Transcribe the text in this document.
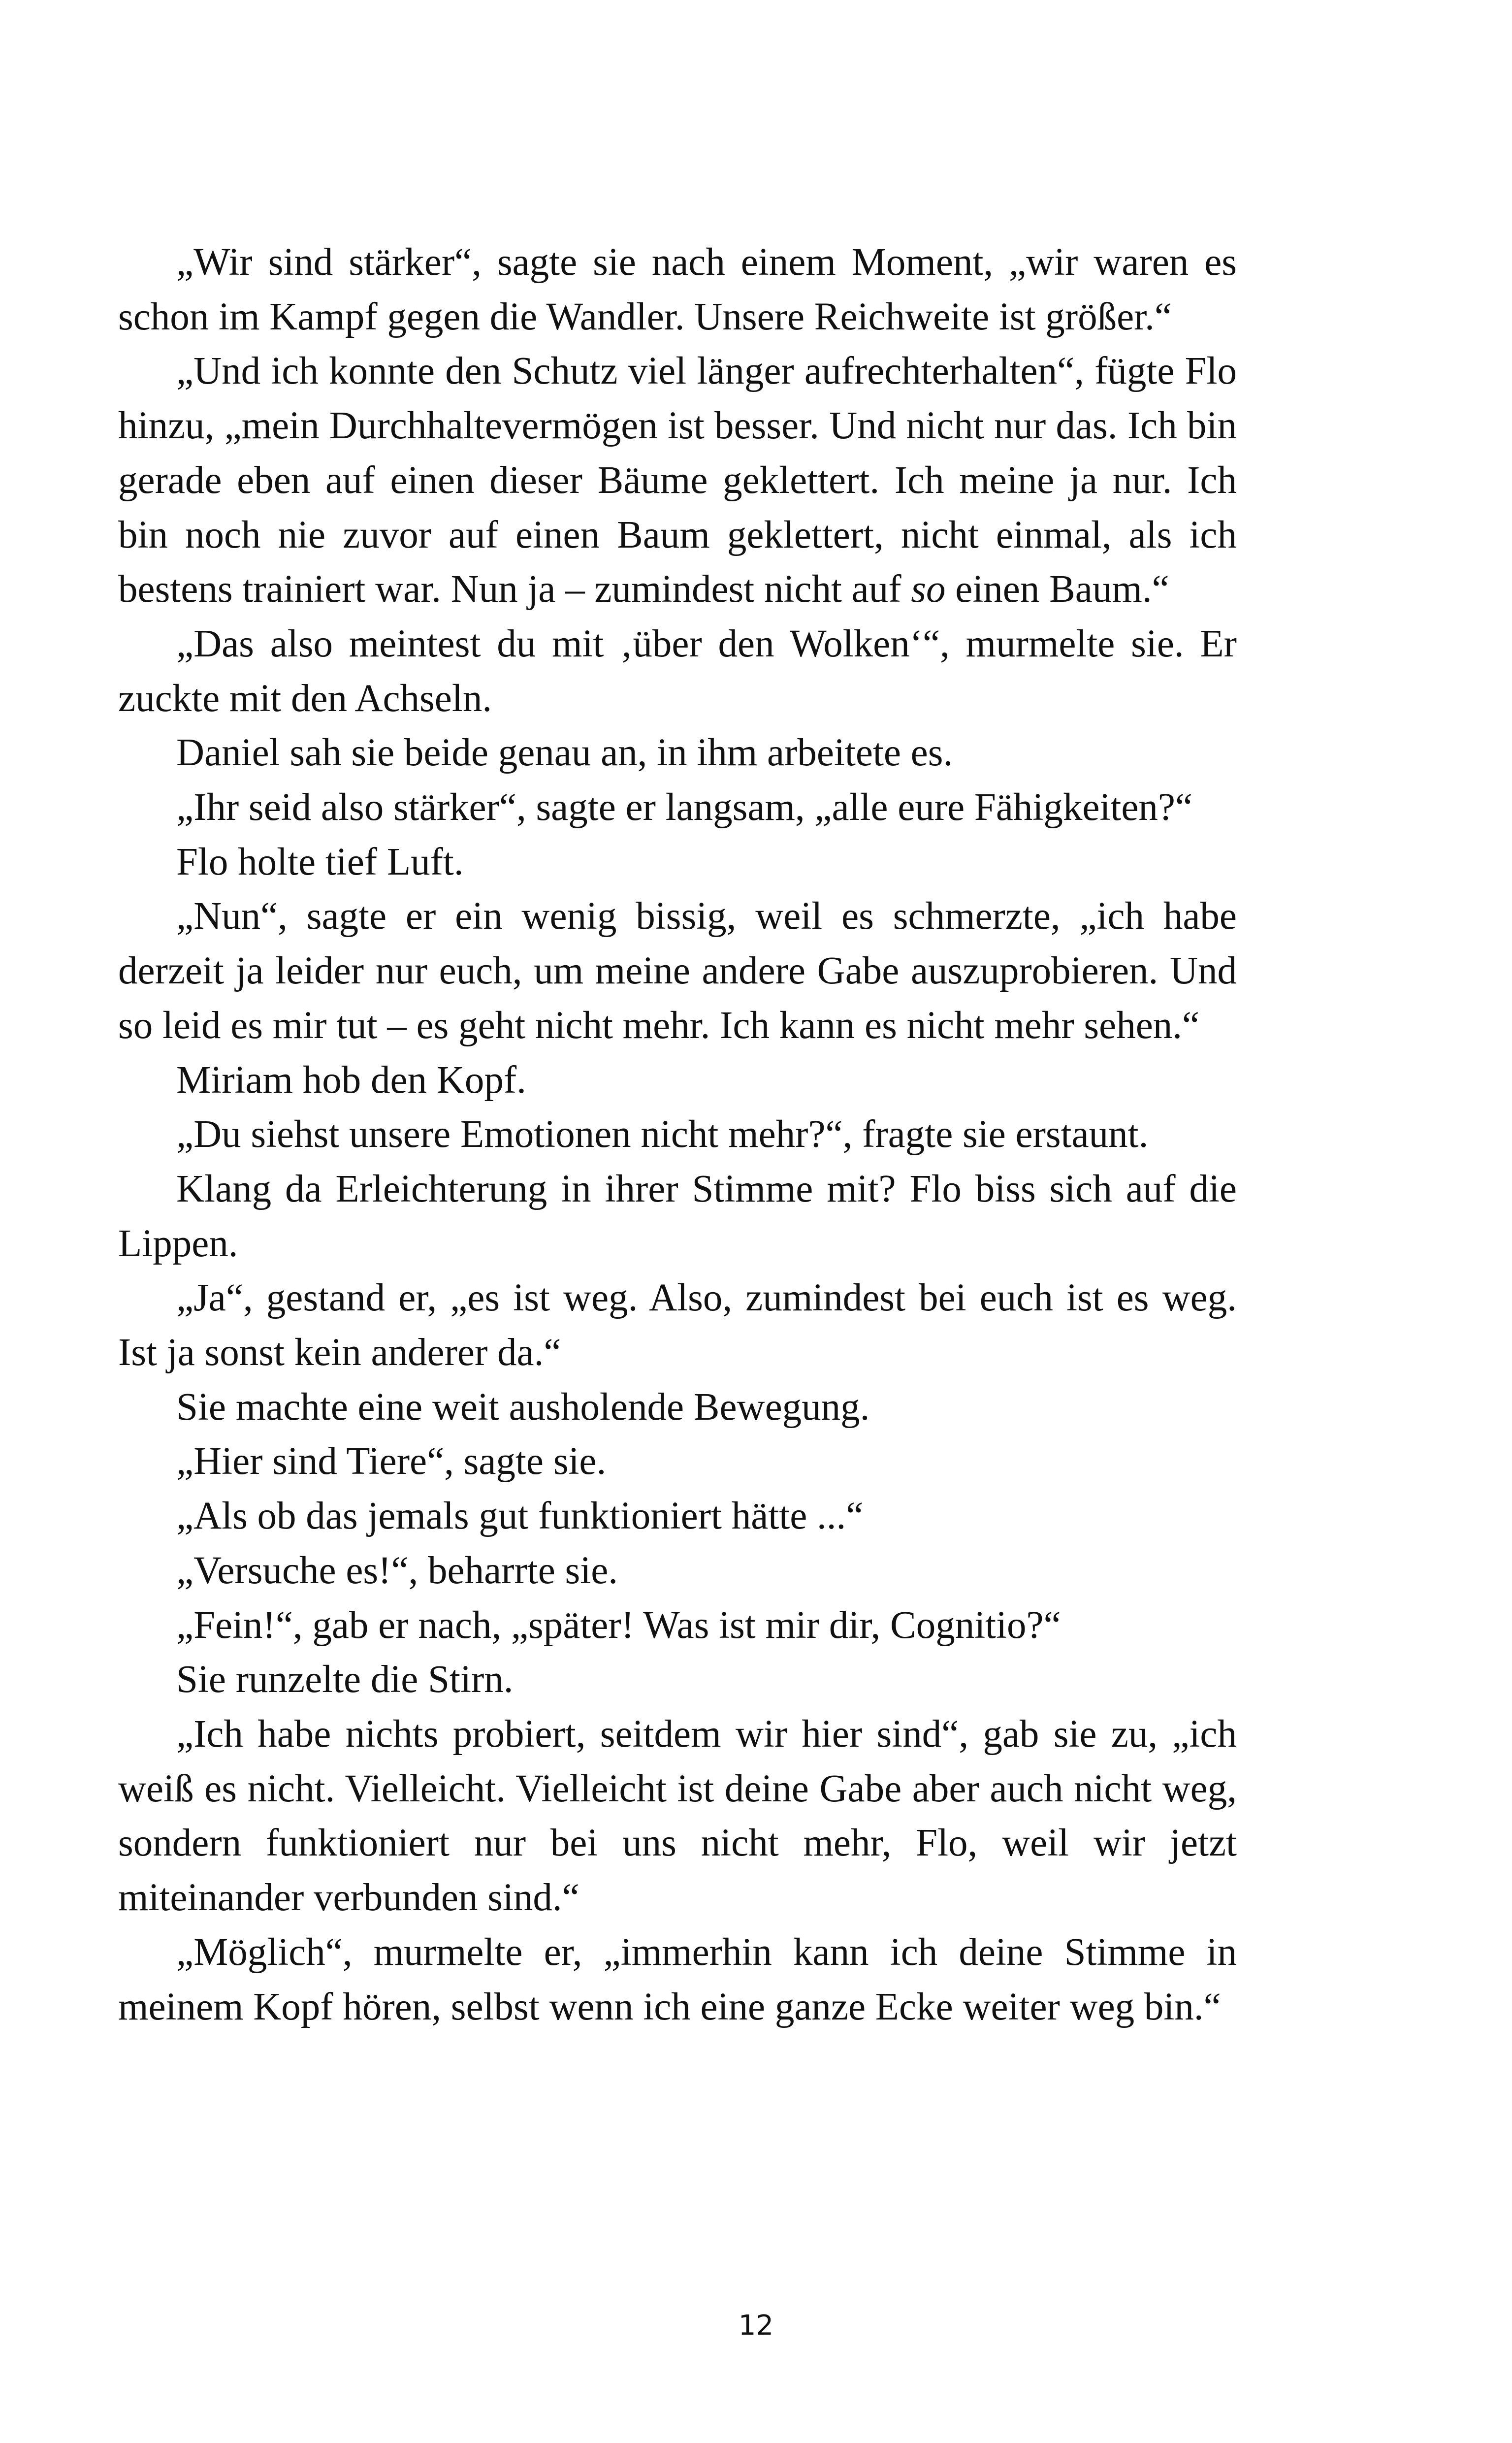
„Wir sind stärker“, sagte sie nach einem Moment, „wir waren es schon im Kampf gegen die Wandler. Unsere Reichweite ist größer.“

„Und ich konnte den Schutz viel länger aufrechterhalten“, fügte Flo hinzu, „mein Durchhaltevermögen ist besser. Und nicht nur das. Ich bin gerade eben auf einen dieser Bäume geklettert. Ich meine ja nur. Ich bin noch nie zuvor auf einen Baum geklettert, nicht einmal, als ich bestens trainiert war. Nun ja – zumindest nicht auf so einen Baum.“

„Das also meintest du mit ‚über den Wolken‘“, murmelte sie. Er zuckte mit den Achseln.

Daniel sah sie beide genau an, in ihm arbeitete es.

„Ihr seid also stärker“, sagte er langsam, „alle eure Fähigkeiten?“

Flo holte tief Luft.

„Nun“, sagte er ein wenig bissig, weil es schmerzte, „ich habe derzeit ja leider nur euch, um meine andere Gabe auszuprobieren. Und so leid es mir tut – es geht nicht mehr. Ich kann es nicht mehr sehen.“

Miriam hob den Kopf.

„Du siehst unsere Emotionen nicht mehr?“, fragte sie erstaunt.

Klang da Erleichterung in ihrer Stimme mit? Flo biss sich auf die Lippen.

„Ja“, gestand er, „es ist weg. Also, zumindest bei euch ist es weg. Ist ja sonst kein anderer da.“

Sie machte eine weit ausholende Bewegung.

„Hier sind Tiere“, sagte sie.

„Als ob das jemals gut funktioniert hätte ...“

„Versuche es!“, beharrte sie.

„Fein!“, gab er nach, „später! Was ist mir dir, Cognitio?“

Sie runzelte die Stirn.

„Ich habe nichts probiert, seitdem wir hier sind“, gab sie zu, „ich weiß es nicht. Vielleicht. Vielleicht ist deine Gabe aber auch nicht weg, sondern funktioniert nur bei uns nicht mehr, Flo, weil wir jetzt miteinander verbunden sind.“

„Möglich“, murmelte er, „immerhin kann ich deine Stimme in meinem Kopf hören, selbst wenn ich eine ganze Ecke weiter weg bin.“

12
